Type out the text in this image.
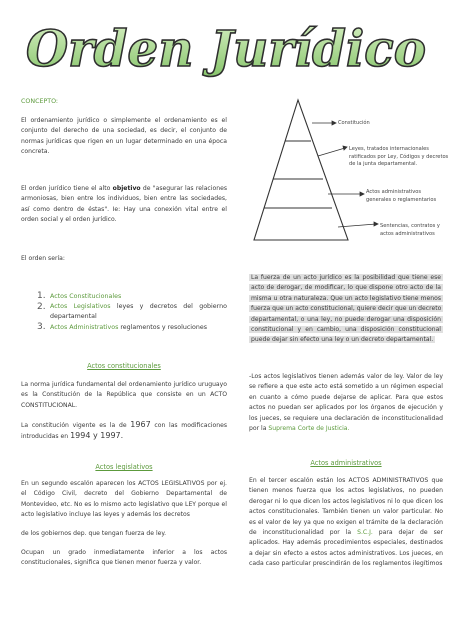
Orden Jurídico
CONCEPTO:
El ordenamiento jurídico o simplemente el ordenamiento es el conjunto del derecho de una sociedad, es decir, el conjunto de normas jurídicas que rigen en un lugar determinado en una época concreta.
El orden jurídico tiene el alto objetivo de "asegurar las relaciones armoniosas, bien entre los individuos, bien entre las sociedades, así como dentro de éstas". Ie: Hay una conexión vital entre el orden social y el orden jurídico.
El orden sería:
Constitución
Leyes, tratados internacionales ratificados por Ley, Códigos y decretos de la junta departamental.
Actos administrativos generales o reglamentarios
Sentencias, contratos y actos administrativos
1. Actos Constitucionales
2. Actos Legislativos leyes y decretos del gobierno departamental
3. Actos Administrativos reglamentos y resoluciones
Actos constitucionales
La norma jurídica fundamental del ordenamiento jurídico uruguayo es la Constitución de la República que consiste en un ACTO CONSTITUCIONAL.
La constitución vigente es la de 1967 con las modificaciones introducidas en 1994 y 1997.
Actos legislativos
En un segundo escalón aparecen los ACTOS LEGISLATIVOS por ej. el Código Civil, decreto del Gobierno Departamental de Montevideo, etc. No es lo mismo acto legislativo que LEY porque el acto legislativo incluye las leyes y además los decretos
de los gobiernos dep. que tengan fuerza de ley.
Ocupan un grado inmediatamente inferior a los actos constitucionales, significa que tienen menor fuerza y valor.
La fuerza de un acto jurídico es la posibilidad que tiene ese acto de derogar, de modificar, lo que dispone otro acto de la misma u otra naturaleza. Que un acto legislativo tiene menos fuerza que un acto constitucional, quiere decir que un decreto departamental, o una ley, no puede derogar una disposición constitucional y en cambio, una disposición constitucional puede dejar sin efecto una ley o un decreto departamental.
-Los actos legislativos tienen además valor de ley. Valor de ley se refiere a que este acto está sometido a un régimen especial en cuanto a cómo puede dejarse de aplicar. Para que estos actos no puedan ser aplicados por los órganos de ejecución y los jueces, se requiere una declaración de inconstitucionalidad por la Suprema Corte de Justicia.
Actos administrativos
En el tercer escalón están los ACTOS ADMINISTRATIVOS que tienen menos fuerza que los actos legislativos, no pueden derogar ni lo que dicen los actos legislativos ni lo que dicen los actos constitucionales. También tienen un valor particular. No es el valor de ley ya que no exigen el trámite de la declaración de inconstitucionalidad por la S.C.J. para dejar de ser aplicados. Hay además procedimientos especiales, destinados a dejar sin efecto a estos actos administrativos. Los jueces, en cada caso particular prescindirán de los reglamentos ilegítimos
